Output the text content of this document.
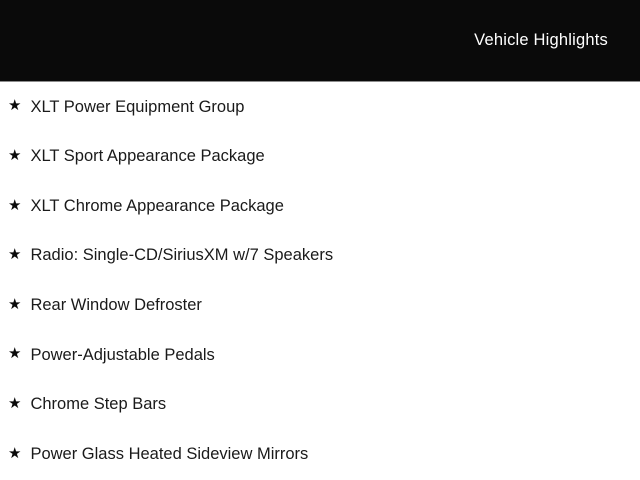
Vehicle Highlights
★ XLT Power Equipment Group
★ XLT Sport Appearance Package
★ XLT Chrome Appearance Package
★ Radio: Single-CD/SiriusXM w/7 Speakers
★ Rear Window Defroster
★ Power-Adjustable Pedals
★ Chrome Step Bars
★ Power Glass Heated Sideview Mirrors
